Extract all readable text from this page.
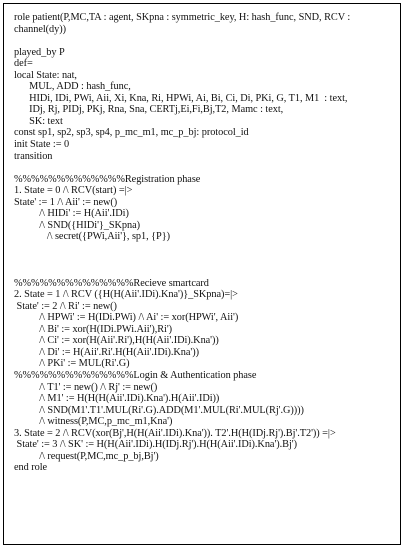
role patient(P,MC,TA : agent, SKpna : symmetric_key, H: hash_func, SND, RCV :
channel(dy))
played_by P
def=
local State: nat,
MUL, ADD : hash_func,
HIDi, IDi, PWi, Aii, Xi, Kna, Ri, HPWi, Ai, Bi, Ci, Di, PKi, G, T1, M1  : text,
IDj, Rj, PIDj, PKj, Rna, Sna, CERTj,Ei,Fi,Bj,T2, Mamc : text,
SK: text
const sp1, sp2, sp3, sp4, p_mc_m1, mc_p_bj: protocol_id
init State := 0
transition
%%%%%%%%%%%%%Registration phase
1. State = 0 /\ RCV(start) =|>
State' := 1 /\ Aii' := new()
/\ HIDi' := H(Aii'.IDi)
/\ SND({HIDi'}_SKpna)
/\ secret({PWi,Aii'}, sp1, {P})
%%%%%%%%%%%%%%Recieve smartcard
2. State = 1 /\ RCV ({H(H(Aii'.IDi).Kna')}_SKpna)=|>
State' := 2 /\ Ri' := new()
/\ HPWi' := H(IDi.PWi) /\ Ai' := xor(HPWi', Aii')
/\ Bi' := xor(H(IDi.PWi.Aii'),Ri')
/\ Ci' := xor(H(Aii'.Ri'),H(H(Aii'.IDi).Kna'))
/\ Di' := H(Aii'.Ri'.H(H(Aii'.IDi).Kna'))
/\ PKi' := MUL(Ri'.G)
%%%%%%%%%%%%%%Login & Authentication phase
/\ T1' := new() /\ Rj' := new()
/\ M1' := H(H(H(Aii'.IDi).Kna').H(Aii'.IDi))
/\ SND(M1'.T1'.MUL(Ri'.G).ADD(M1'.MUL(Ri'.MUL(Rj'.G))))
/\ witness(P,MC,p_mc_m1,Kna')
3. State = 2 /\ RCV(xor(Bj',H(H(Aii'.IDi).Kna')). T2'.H(H(IDj.Rj').Bj'.T2')) =|>
State' := 3 /\ SK' := H(H(Aii'.IDi).H(IDj.Rj').H(H(Aii'.IDi).Kna').Bj')
/\ request(P,MC,mc_p_bj,Bj')
end role
